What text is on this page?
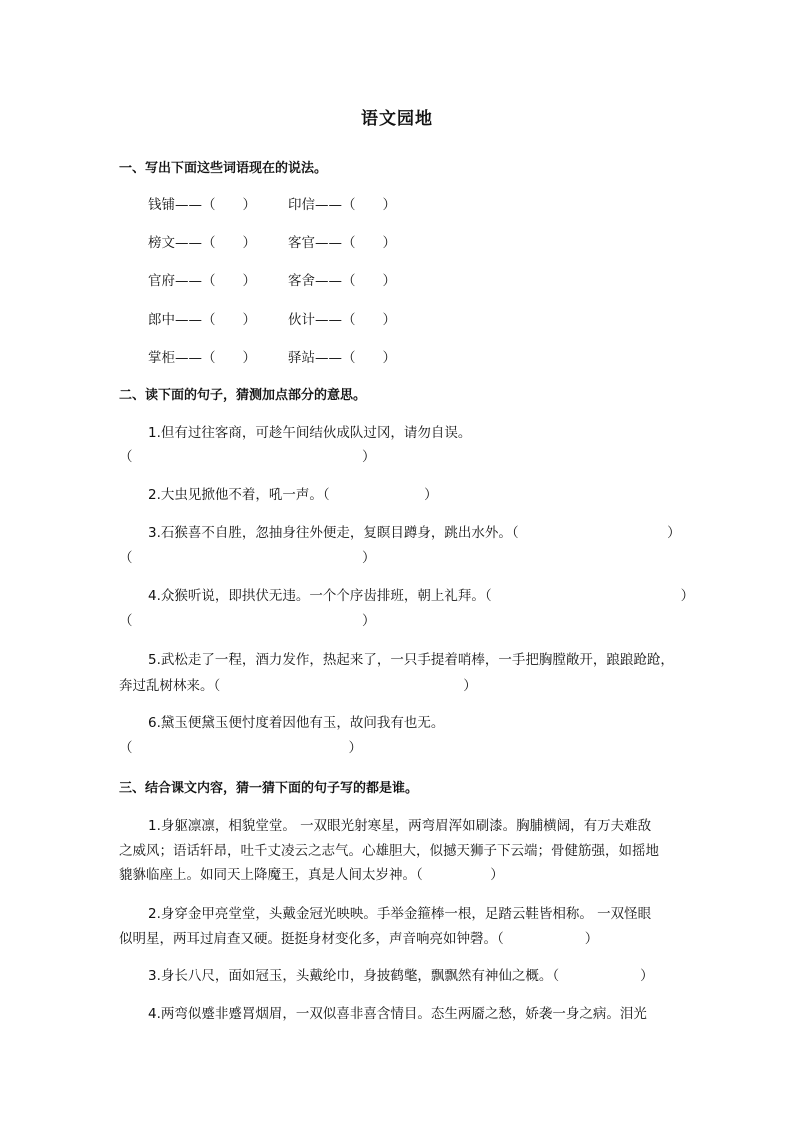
语文园地
一、写出下面这些词语现在的说法。
钱铺——（　　） 印信——（　　）
榜文——（　　） 客官——（　　）
官府——（　　） 客舍——（　　）
郎中——（　　） 伙计——（　　）
掌柜——（　　） 驿站——（　　）
二、读下面的句子，猜测加点部分的意思。
1.但有过往客商，可趁午间结伙成队过冈，请勿自误。
（　　　　　　　　　　　　　　　　　）
2.大虫见掀他不着，吼一声。（　　　　　　　）
3.石猴喜不自胜，忽抽身往外便走，复瞑目蹲身，跳出水外。（　　　　　　　　　　　）
（　　　　　　　　　　　　　　　　　）
4.众猴听说，即拱伏无违。一个个序齿排班，朝上礼拜。（　　　　　　　　　　　　　　）
（　　　　　　　　　　　　　　　　　）
5.武松走了一程，酒力发作，热起来了，一只手提着哨棒，一手把胸膛敞开，踉踉跄跄，
奔过乱树林来。（　　　　　　　　　　　　　　　　　　）
6.黛玉便黛玉便忖度着因他有玉，故问我有也无。
（　　　　　　　　　　　　　　　　）
三、结合课文内容，猜一猜下面的句子写的都是谁。
1.身躯凛凛，相貌堂堂。 一双眼光射寒星，两弯眉浑如刷漆。胸脯横阔，有万夫难敌
之威风；语话轩昂，吐千丈凌云之志气。心雄胆大，似撼天狮子下云端；骨健筋强，如摇地
貔貅临座上。如同天上降魔王，真是人间太岁神。（　　　　　）
2.身穿金甲亮堂堂，头戴金冠光映映。手举金箍棒一根，足踏云鞋皆相称。 一双怪眼
似明星，两耳过肩查又硬。挺挺身材变化多，声音响亮如钟磬。（　　　　　　）
3.身长八尺，面如冠玉，头戴纶巾，身披鹤氅，飘飘然有神仙之概。（　　　　　　）
4.两弯似蹙非蹙罥烟眉，一双似喜非喜含情目。态生两靥之愁，娇袭一身之病。泪光
